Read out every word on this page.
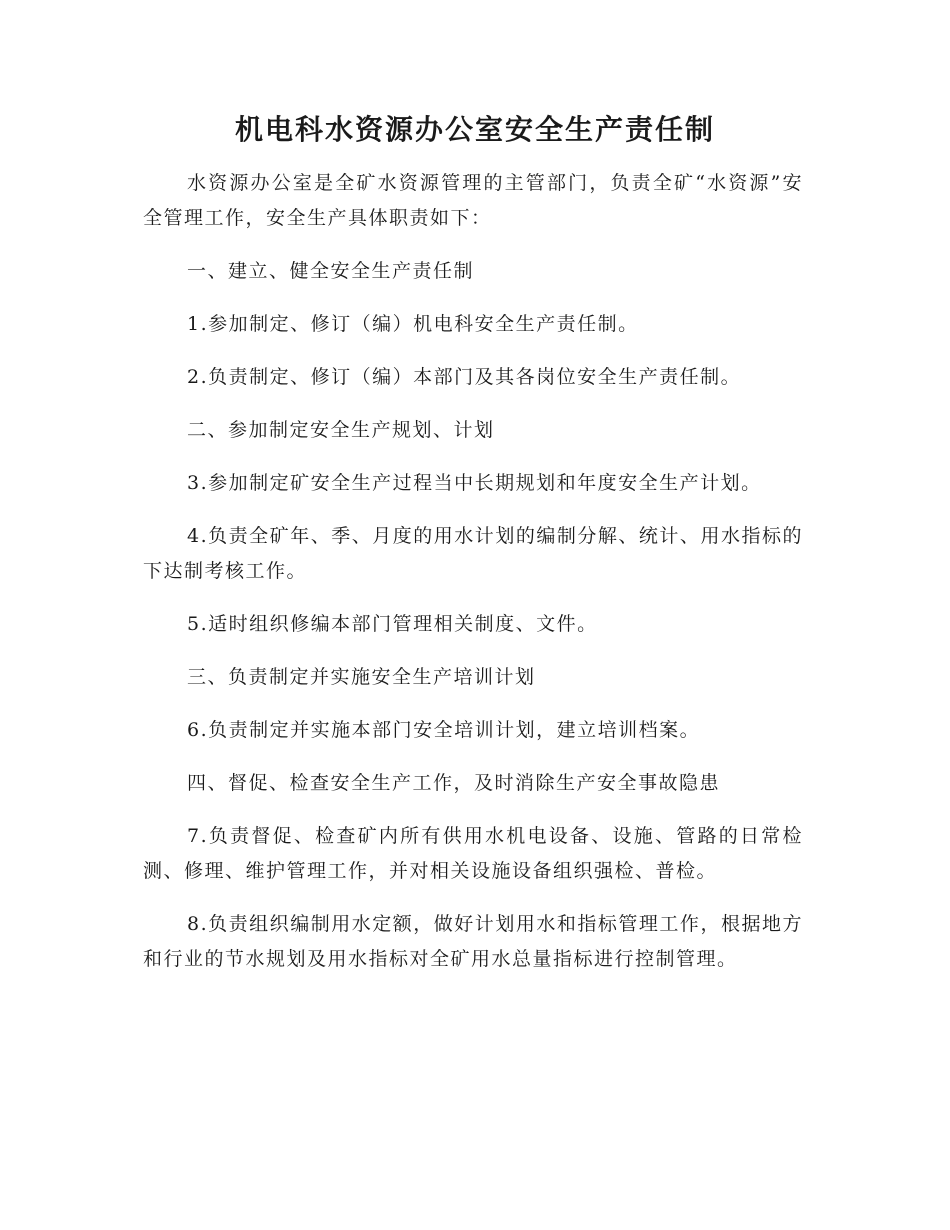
机电科水资源办公室安全生产责任制

水资源办公室是全矿水资源管理的主管部门，负责全矿“水资源”安全管理工作，安全生产具体职责如下：

一、建立、健全安全生产责任制

1.参加制定、修订（编）机电科安全生产责任制。

2.负责制定、修订（编）本部门及其各岗位安全生产责任制。

二、参加制定安全生产规划、计划

3.参加制定矿安全生产过程当中长期规划和年度安全生产计划。

4.负责全矿年、季、月度的用水计划的编制分解、统计、用水指标的下达制考核工作。

5.适时组织修编本部门管理相关制度、文件。

三、负责制定并实施安全生产培训计划

6.负责制定并实施本部门安全培训计划，建立培训档案。

四、督促、检查安全生产工作，及时消除生产安全事故隐患

7.负责督促、检查矿内所有供用水机电设备、设施、管路的日常检测、修理、维护管理工作，并对相关设施设备组织强检、普检。

8.负责组织编制用水定额，做好计划用水和指标管理工作，根据地方和行业的节水规划及用水指标对全矿用水总量指标进行控制管理。
